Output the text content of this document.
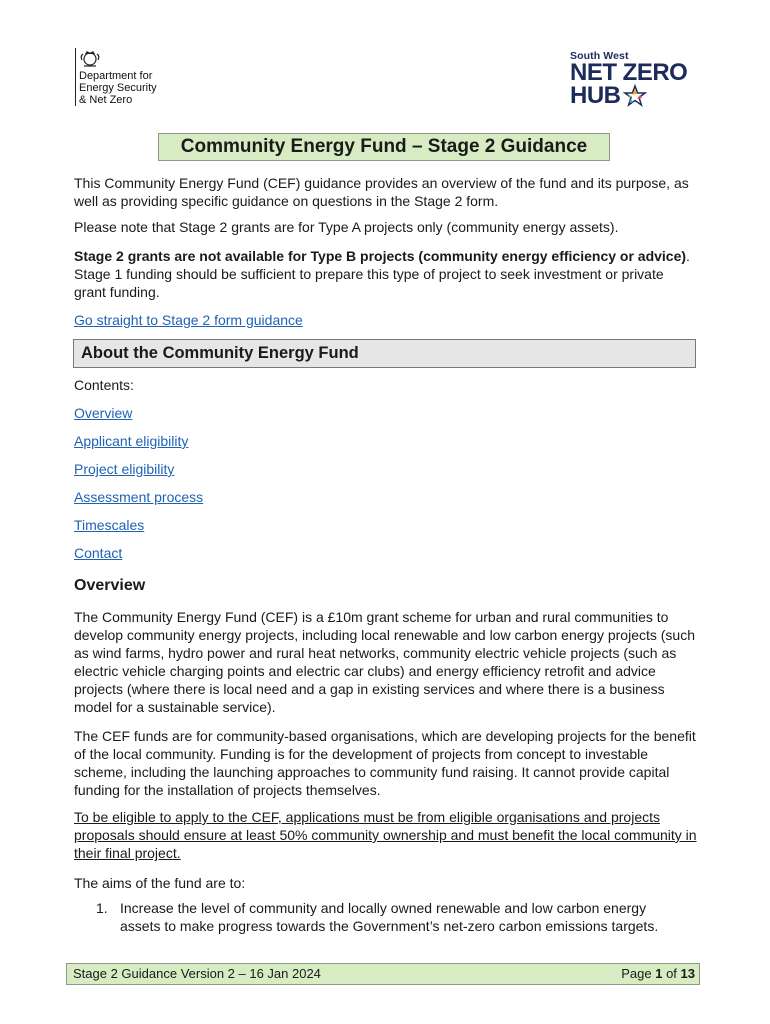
Department for
Energy Security
& Net Zero
South West
NET ZERO
HUB
Community Energy Fund – Stage 2 Guidance

This Community Energy Fund (CEF) guidance provides an overview of the fund and its purpose, as well as providing specific guidance on questions in the Stage 2 form.

Please note that Stage 2 grants are for Type A projects only (community energy assets).

Stage 2 grants are not available for Type B projects (community energy efficiency or advice). Stage 1 funding should be sufficient to prepare this type of project to seek investment or private grant funding.

Go straight to Stage 2 form guidance
About the Community Energy Fund

Contents:

Overview
Applicant eligibility
Project eligibility
Assessment process
Timescales
Contact
Overview

The Community Energy Fund (CEF) is a £10m grant scheme for urban and rural communities to develop community energy projects, including local renewable and low carbon energy projects (such as wind farms, hydro power and rural heat networks, community electric vehicle projects (such as electric vehicle charging points and electric car clubs) and energy efficiency retrofit and advice projects (where there is local need and a gap in existing services and where there is a business model for a sustainable service).

The CEF funds are for community-based organisations, which are developing projects for the benefit of the local community. Funding is for the development of projects from concept to investable scheme, including the launching approaches to community fund raising. It cannot provide capital funding for the installation of projects themselves.

To be eligible to apply to the CEF, applications must be from eligible organisations and projects proposals should ensure at least 50% community ownership and must benefit the local community in their final project.

The aims of the fund are to:

1. Increase the level of community and locally owned renewable and low carbon energy assets to make progress towards the Government’s net-zero carbon emissions targets.
Stage 2 Guidance Version 2 – 16 Jan 2024	Page 1 of 13
